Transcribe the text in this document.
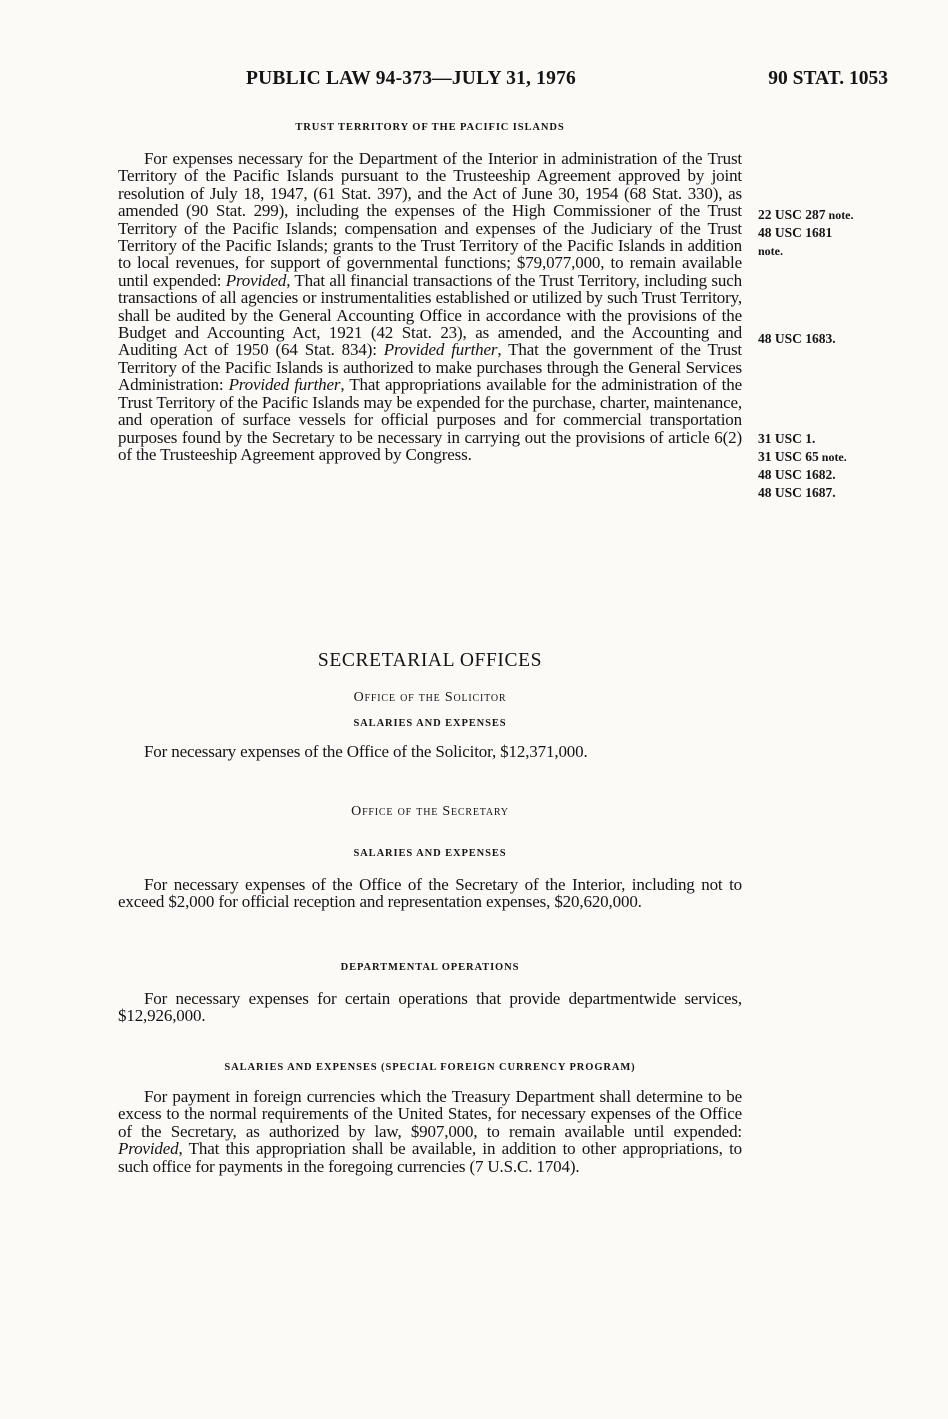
PUBLIC LAW 94-373—JULY 31, 1976	90 STAT. 1053

TRUST TERRITORY OF THE PACIFIC ISLANDS

For expenses necessary for the Department of the Interior in administration of the Trust Territory of the Pacific Islands pursuant to the Trusteeship Agreement approved by joint resolution of July 18, 1947, (61 Stat. 397), and the Act of June 30, 1954 (68 Stat. 330), as amended (90 Stat. 299), including the expenses of the High Commissioner of the Trust Territory of the Pacific Islands; compensation and expenses of the Judiciary of the Trust Territory of the Pacific Islands; grants to the Trust Territory of the Pacific Islands in addition to local revenues, for support of governmental functions; $79,077,000, to remain available until expended: Provided, That all financial transactions of the Trust Territory, including such transactions of all agencies or instrumentalities established or utilized by such Trust Territory, shall be audited by the General Accounting Office in accordance with the provisions of the Budget and Accounting Act, 1921 (42 Stat. 23), as amended, and the Accounting and Auditing Act of 1950 (64 Stat. 834): Provided further, That the government of the Trust Territory of the Pacific Islands is authorized to make purchases through the General Services Administration: Provided further, That appropriations available for the administration of the Trust Territory of the Pacific Islands may be expended for the purchase, charter, maintenance, and operation of surface vessels for official purposes and for commercial transportation purposes found by the Secretary to be necessary in carrying out the provisions of article 6(2) of the Trusteeship Agreement approved by Congress.

22 USC 287 note.
48 USC 1681
note.
48 USC 1683.
31 USC 1.
31 USC 65 note.
48 USC 1682.
48 USC 1687.

SECRETARIAL OFFICES

Office of the Solicitor

SALARIES AND EXPENSES

For necessary expenses of the Office of the Solicitor, $12,371,000.

Office of the Secretary

SALARIES AND EXPENSES

For necessary expenses of the Office of the Secretary of the Interior, including not to exceed $2,000 for official reception and representation expenses, $20,620,000.

DEPARTMENTAL OPERATIONS

For necessary expenses for certain operations that provide departmentwide services, $12,926,000.

SALARIES AND EXPENSES (SPECIAL FOREIGN CURRENCY PROGRAM)

For payment in foreign currencies which the Treasury Department shall determine to be excess to the normal requirements of the United States, for necessary expenses of the Office of the Secretary, as authorized by law, $907,000, to remain available until expended: Provided, That this appropriation shall be available, in addition to other appropriations, to such office for payments in the foregoing currencies (7 U.S.C. 1704).
